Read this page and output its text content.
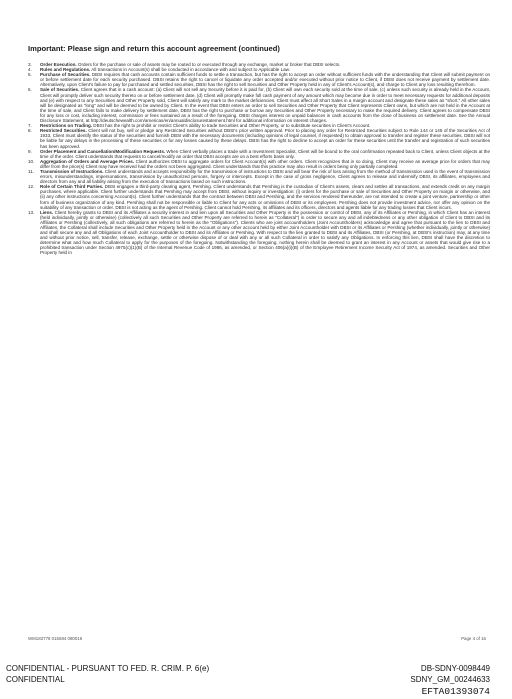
Important: Please sign and return this account agreement (continued)
3.	Order Execution. Orders for the purchase or sale of assets may be routed to or executed through any exchange, market or broker that DBSI selects.
4.	Rules and Regulations. All transactions in Account(s) shall be conducted in accordance with and subject to Applicable Law.
5.	Purchase of Securities. DBSI requires that cash accounts contain sufficient funds to settle a transaction, but has the right to accept an order without sufficient funds with the understanding that Client will submit payment on or before settlement date for each security purchased. DBSI retains the right to cancel or liquidate any order accepted and/or executed without prior notice to Client, if DBSI does not receive payment by settlement date. Alternatively, upon Client's failure to pay for purchased and settled securities, DBSI has the right to sell Securities and Other Property held in any of Client's Account(s), and charge to Client any loss resulting therefrom.
6.	Sale of Securities. Client agrees that in a cash account: (a) Client will not sell any Security before it is paid for, (b) Client will own each security sold at the time of sale, (c) unless such security is already held in the Account, Client will promptly deliver such security thereto on or before settlement date, (d) Client will promptly make full cash payment of any amount which may become due in order to meet necessary requests for additional deposits and (e) with respect to any Securities and Other Property sold, Client will satisfy any mark to the market deficiencies. Client must affect all Short Sales in a margin account and designate these sales as "short." All other sales will be designated as "long" and will be deemed to be owned by Client. In the event that DBSI enters an order to sell Securities and Other Property that Client represents Client owns, but which are not held in the Account at the time of sale, and Client fails to make delivery by settlement date, DBSI has the right to purchase or borrow any Securities and Other Property necessary to make the required delivery. Client agrees to compensate DBSI for any loss or cost, including interest, commission or fees sustained as a result of the foregoing. DBSI charges interest on unpaid balances in cash accounts from the close of business on settlement date. See the Annual Disclosure Statement, at http://deutschewealth.com/americas/en/annualdisclosurestatement.html for additional information on interest charges.
7.	Restrictions on Trading. DBSI has the right to prohibit or restrict Client's ability to trade Securities and Other Property, or to substitute securities in Client's Account.
8.	Restricted Securities. Client will not buy, sell or pledge any Restricted Securities without DBSI's prior written approval. Prior to placing any order for Restricted Securities subject to Rule 144 or 145 of the Securities Act of 1933, Client must identify the status of the securities and furnish DBSI with the necessary documents (including opinions of legal counsel, if requested) to obtain approval to transfer and register these securities. DBSI will not be liable for any delays in the processing of these securities or for any losses caused by these delays. DBSI has the right to decline to accept an order for these securities until the transfer and registration of such securities has been approved.
9.	Order Placement and Cancellation/Modification Requests. When Client verbally places a trade with a Investment Specialist, Client will be bound to the oral confirmation repeated back to Client, unless Client objects at the time of the order. Client understands that requests to cancel/modify an order that DBSI accepts are on a best efforts basis only.
10.	Aggregation of Orders and Average Prices. Client authorizes DBSI to aggregate orders for Client Account(s) with other orders. Client recognizes that in so doing, Client may receive an average price for orders that may differ from the price(s) Client may have received had the orders not been aggregated. Client understands that this practice may also result in orders being only partially completed.
11.	Transmission of Instructions. Client understands and accepts responsibility for the transmission of instructions to DBSI and will bear the risk of loss arising from the method of transmission used in the event of transmission errors, misunderstandings, impersonations, transmission by unauthorized persons, forgery or intercepts. Except in the case of gross negligence, Client agrees to release and indemnify DBSI, its affiliates, employees and directors from any and all liability arising from the execution of transactions based on such instructions.
12.	Role of Certain Third Parties. DBSI engages a third-party clearing agent, Pershing. Client understands that Pershing is the custodian of Client's assets, clears and settles all transactions, and extends credit on any margin purchases, where applicable. Client further understands that Pershing may accept from DBSI, without inquiry or investigation: (i) orders for the purchase or sale of Securities and Other Property on margin or otherwise, and (ii) any other instructions concerning Account(s). Client further understands that the contract between DBSI and Pershing, and the services rendered thereunder, are not intended to create a joint venture, partnership or other form of business organization of any kind. Pershing shall not be responsible or liable to Client for any acts or omissions of DBSI or its employees. Pershing does not provide investment advice, nor offer any opinion on the suitability of any transaction or order. DBSI is not acting as the agent of Pershing. Client cannot hold Pershing, its affiliates and its officers, directors and agents liable for any trading losses that Client incurs.
13.	Liens. Client hereby grants to DBSI and its Affiliates a security interest in and lien upon all Securities and Other Property in the possession or control of DBSI, any of its Affiliates or Pershing, in which Client has an interest (held individually, jointly or otherwise) (collectively all such Securities and Other Property are referred to herein as "Collateral") in order to secure any and all indebtedness or any other obligation of Client to DBSI and its Affiliates or Pershing (collectively, all such obligations are referred to herein as the "Obligations"). Clients who are joint accountholders (Joint Accountholders) acknowledge and agree that pursuant to the lien to DBSI and Affiliates, the Collateral shall include Securities and Other Property held in the Account or any other account held by either Joint Accountholder with DBSI or its Affiliates or Pershing (whether individually, jointly or otherwise) and shall secure any and all Obligations of each Joint Accountholder to DBSI and its Affiliates or Pershing. With respect to the lien granted to DBSI and its Affiliates, DBSI (or Pershing, at DBSI's instruction) may, at any time and without prior notice, sell, transfer, release, exchange, settle or otherwise dispose of or deal with any or all such Collateral in order to satisfy any Obligations. In enforcing this lien, DBSI shall have the discretion to determine what and how much Collateral to apply for the purposes of the foregoing. Notwithstanding the foregoing, nothing herein shall be deemed to grant an interest in any Account or assets that would give rise to a prohibited transaction under Section 4975(c)(1)(B) of the Internal Revenue Code of 1986, as amended, or Section 406(a)(i)(B) of the Employee Retirement Income Security Act of 1974, as amended. Securities and Other Property held in
WM183778 015684 080016	Page 4 of 16
CONFIDENTIAL - PURSUANT TO FED. R. CRIM. P. 6(e)
CONFIDENTIAL
DB-SDNY-0098449
SDNY_GM_00244633
EFTA01393074
